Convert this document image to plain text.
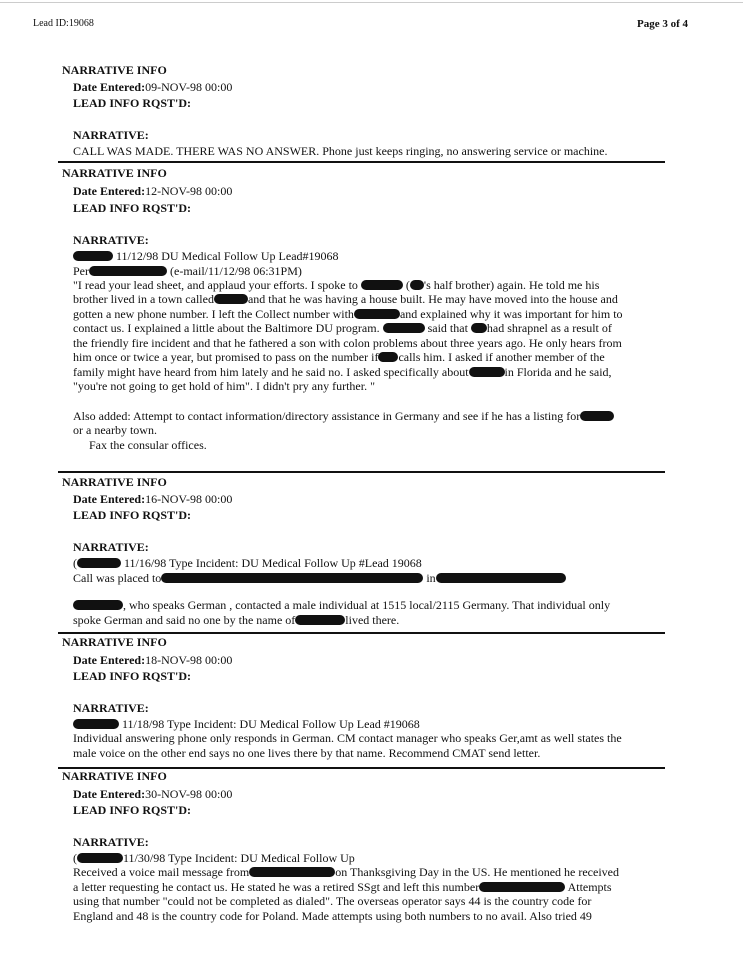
Lead ID:19068	Page 3 of 4
NARRATIVE INFO
Date Entered:09-NOV-98 00:00
LEAD INFO RQST'D:
NARRATIVE:
CALL WAS MADE. THERE WAS NO ANSWER. Phone just keeps ringing, no answering service or machine.
NARRATIVE INFO
Date Entered:12-NOV-98 00:00
LEAD INFO RQST'D:
NARRATIVE:
11/12/98 DU Medical Follow Up Lead#19068
Per	(e-mail/11/12/98 06:31PM)
"I read your lead sheet, and applaud your efforts. I spoke to	( 's half brother) again. He told me his
brother lived in a town called	and that he was having a house built. He may have moved into the house and
gotten a new phone number. I left the Collect number with	and explained why it was important for him to
contact us. I explained a little about the Baltimore DU program.	said that had shrapnel as a result of
the friendly fire incident and that he fathered a son with colon problems about three years ago. He only hears from
him once or twice a year, but promised to pass on the number if calls him. I asked if another member of the
family might have heard from him lately and he said no. I asked specifically about	in Florida and he said,
"you're not going to get hold of him". I didn't pry any further. "
Also added: Attempt to contact information/directory assistance in Germany and see if he has a listing for
or a nearby town.
Fax the consular offices.
NARRATIVE INFO
Date Entered:16-NOV-98 00:00
LEAD INFO RQST'D:
NARRATIVE:
(	11/16/98 Type Incident: DU Medical Follow Up #Lead 19068
Call was placed to	in
, who speaks German , contacted a male individual at 1515 local/2115 Germany. That individual only
spoke German and said no one by the name of	lived there.
NARRATIVE INFO
Date Entered:18-NOV-98 00:00
LEAD INFO RQST'D:
NARRATIVE:
11/18/98 Type Incident: DU Medical Follow Up Lead #19068
Individual answering phone only responds in German. CM contact manager who speaks Ger,amt as well states the
male voice on the other end says no one lives there by that name. Recommend CMAT send letter.
NARRATIVE INFO
Date Entered:30-NOV-98 00:00
LEAD INFO RQST'D:
NARRATIVE:
(	11/30/98 Type Incident: DU Medical Follow Up
Received a voice mail message from	on Thanksgiving Day in the US. He mentioned he received
a letter requesting he contact us. He stated he was a retired SSgt and left this number	Attempts
using that number "could not be completed as dialed". The overseas operator says 44 is the country code for
England and 48 is the country code for Poland. Made attempts using both numbers to no avail. Also tried 49
